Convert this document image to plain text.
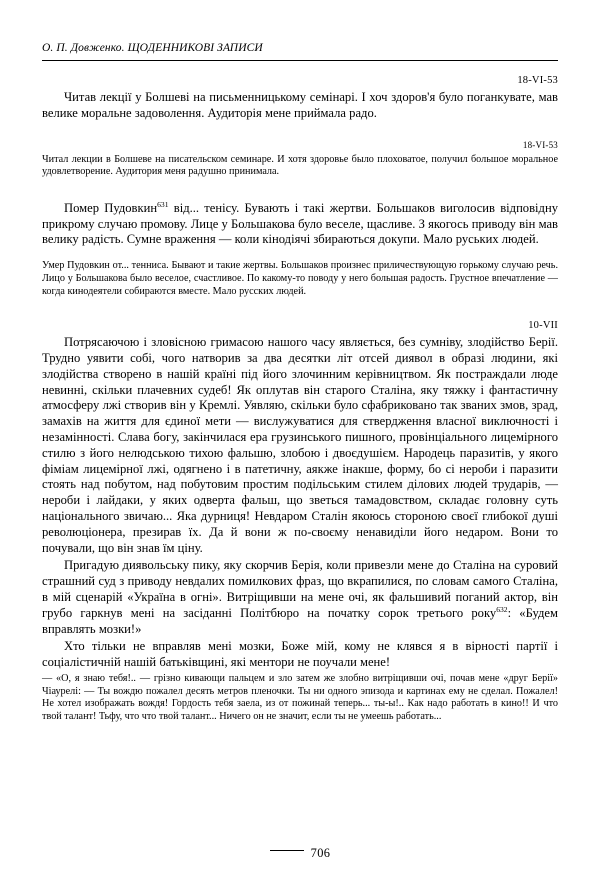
О. П. Довженко. ЩОДЕННИКОВІ ЗАПИСИ
18-VI-53

Читав лекції у Болшеві на письменницькому семінарі. І хоч здоров'я було поганкувате, мав велике моральне задоволення. Аудиторія мене приймала радо.

18-VI-53

Читал лекции в Болшеве на писательском семинаре. И хотя здоровье было плоховатое, получил большое моральное удовлетворение. Аудитория меня радушно принимала.

Помер Пудовкин$^{631}$ від... тенісу. Бувають і такі жертви. Большаков виголосив відповідну прикрому случаю промову. Лице у Большакова було веселе, щасливе. З якогось приводу він мав велику радість. Сумне враження — коли кінодіячі збираються докупи. Мало руських людей.

Умер Пудовкин от... тенниса. Бывают и такие жертвы. Большаков произнес приличествующую горькому случаю речь. Лицо у Большакова было веселое, счастливое. По какому-то поводу у него большая радость. Грустное впечатление — когда кинодеятели собираются вместе. Мало русских людей.

10-VII

Потрясаючою і зловісною гримасою нашого часу являється, без сумніву, злодійство Берії. Трудно уявити собі, чого натворив за два десятки літ отсей диявол в образі людини, які злодійства створено в нашій країні під його злочинним керівництвом. Як постраждали люде невинні, скільки плачевних судеб! Як оплутав він старого Сталіна, яку тяжку і фантастичну атмосферу лжі створив він у Кремлі. Уявляю, скільки було сфабриковано так званих змов, зрад, замахів на життя для єдиної мети — вислужуватися для ствердження власної виключності і незамінності. Слава богу, закінчилася ера грузинського пишного, провінціального лицемірного стилю з його нелюдською тихою фальшю, злобою і двоєдушієм. Народець паразитів, у якого фіміам лицемірної лжі, одягнено і в патетичну, аякже інакше, форму, бо сі нероби і паразити стоять над побутом, над побутовим простим подільським стилем ділових людей трударів, — нероби і лайдаки, у яких одверта фальш, що зветься тамадовством, складає головну суть національного звичаю... Яка дурниця! Невдаром Сталін якоюсь стороною своєї глибокої душі революціонера, презирав їх. Да й вони ж по-своєму ненавиділи його недаром. Вони то почували, що він знав їм ціну.

Пригадую диявольську пику, яку скорчив Берія, коли привезли мене до Сталіна на суровий страшний суд з приводу невдалих помилкових фраз, що вкрапилися, по словам самого Сталіна, в мій сценарій «Україна в огні». Витріщивши на мене очі, як фальшивий поганий актор, він грубо гаркнув мені на засіданні Політбюро на початку сорок третього року$^{632}$: «Будем вправлять мозки!»

Хто тільки не вправляв мені мозки, Боже мій, кому не клявся я в вірності партії і соціалістичній нашій батьківщині, які ментори не поучали мене!

— «О, я знаю тебя!.. — грізно кивающи пальцем и зло затем же злобно витріщивши очі, почав мене «друг Берії» Чіаурелі: — Ты вождю пожалел десять метров пленочки. Ты ни одного эпизода и картинах ему не сделал. Пожалел! Не хотел изображать вождя! Гордость тебя заела, из от пожинай теперь... ты-ы!.. Как надо работать в кино!! И что твой талант! Тьфу, что что твой талант... Ничего он не значит, если ты не умеешь работать...

706
